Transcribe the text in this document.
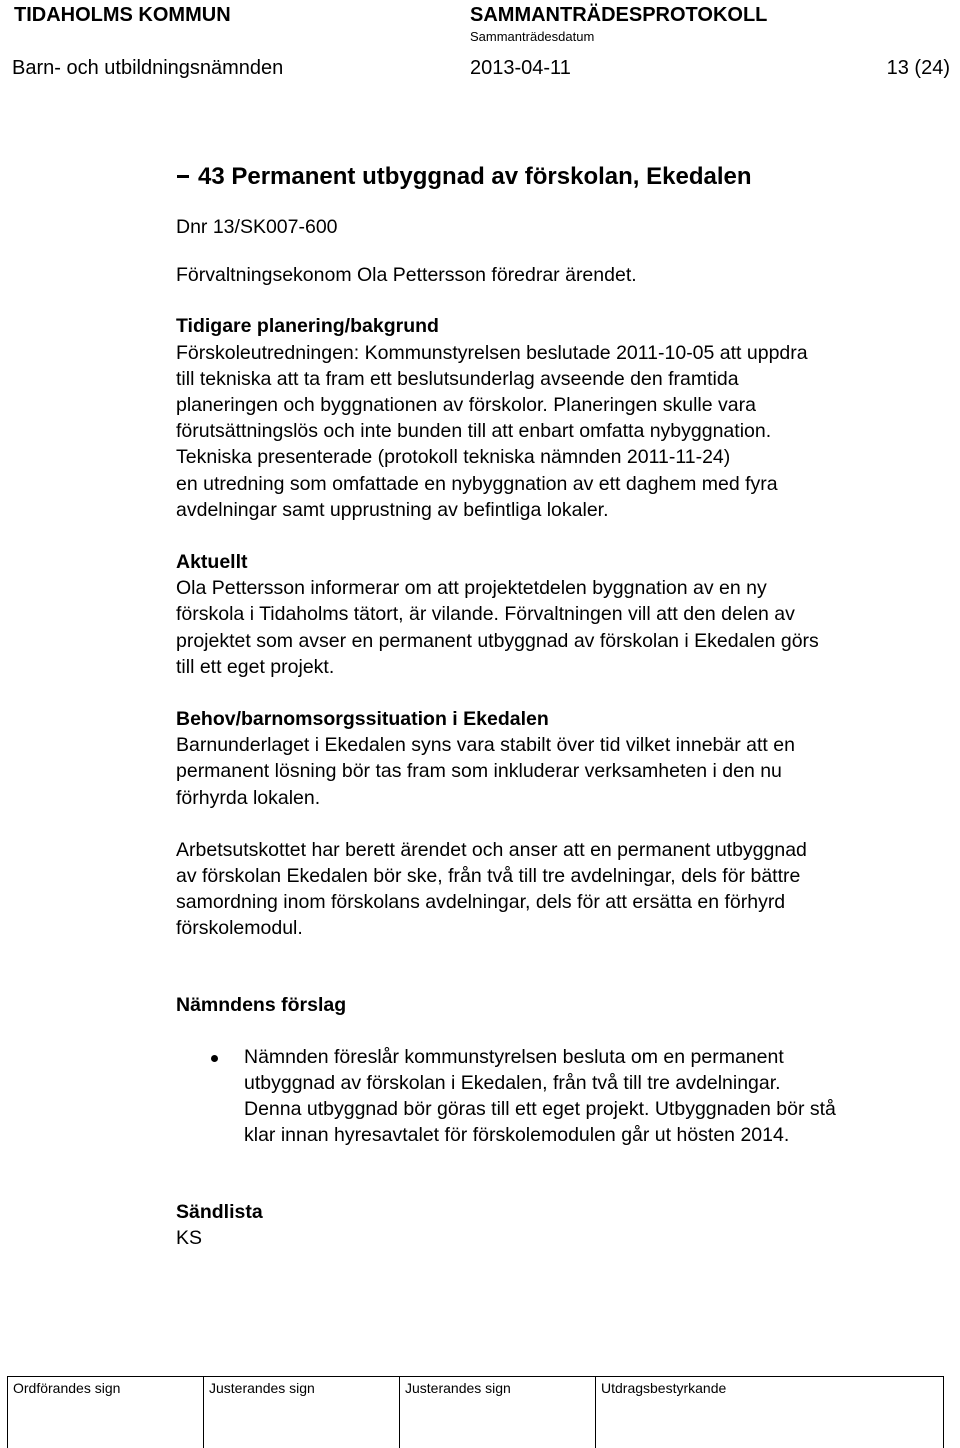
TIDAHOLMS KOMMUN	SAMMANTRÄDESPROTOKOLL
Sammanträdesdatum
Barn- och utbildningsnämnden	2013-04-11	13 (24)
43 Permanent utbyggnad av förskolan, Ekedalen
Dnr 13/SK007-600
Förvaltningsekonom Ola Pettersson föredrar ärendet.
Tidigare planering/bakgrund
Förskoleutredningen: Kommunstyrelsen beslutade 2011-10-05 att uppdra
till tekniska att ta fram ett beslutsunderlag avseende den framtida
planeringen och byggnationen av förskolor. Planeringen skulle vara
förutsättningslös och inte bunden till att enbart omfatta nybyggnation.
Tekniska presenterade (protokoll tekniska nämnden 2011-11-24)
en utredning som omfattade en nybyggnation av ett daghem med fyra
avdelningar samt upprustning av befintliga lokaler.
Aktuellt
Ola Pettersson informerar om att projektetdelen byggnation av en ny
förskola i Tidaholms tätort, är vilande. Förvaltningen vill att den delen av
projektet som avser en permanent utbyggnad av förskolan i Ekedalen görs
till ett eget projekt.
Behov/barnomsorgssituation i Ekedalen
Barnunderlaget i Ekedalen syns vara stabilt över tid vilket innebär att en
permanent lösning bör tas fram som inkluderar verksamheten i den nu
förhyrda lokalen.
Arbetsutskottet har berett ärendet och anser att en permanent utbyggnad
av förskolan Ekedalen bör ske, från två till tre avdelningar, dels för bättre
samordning inom förskolans avdelningar, dels för att ersätta en förhyrd
förskolemodul.
Nämndens förslag
Nämnden föreslår kommunstyrelsen besluta om en permanent
utbyggnad av förskolan i Ekedalen, från två till tre avdelningar.
Denna utbyggnad bör göras till ett eget projekt. Utbyggnaden bör stå
klar innan hyresavtalet för förskolemodulen går ut hösten 2014.
Sändlista
KS
Ordförandes sign	Justerandes sign	Justerandes sign	Utdragsbestyrkande
